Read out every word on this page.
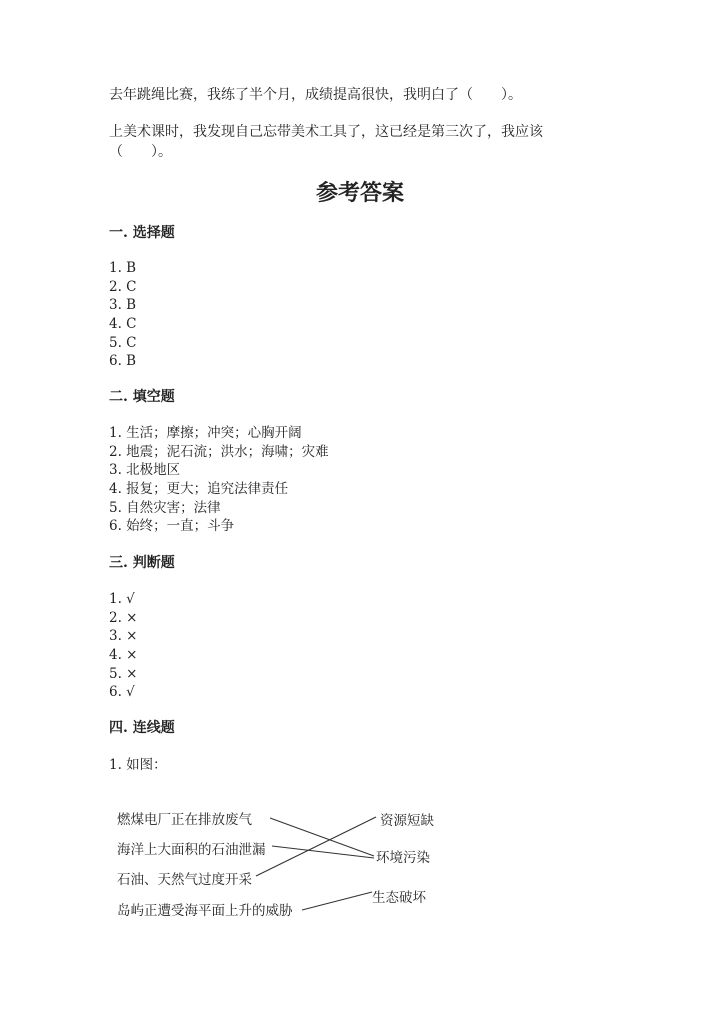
去年跳绳比赛，我练了半个月，成绩提高很快，我明白了（　　）。
上美术课时，我发现自己忘带美术工具了，这已经是第三次了，我应该
（　　）。
参考答案
一. 选择题
1. B
2. C
3. B
4. C
5. C
6. B
二. 填空题
1. 生活；摩擦；冲突；心胸开阔
2. 地震；泥石流；洪水；海啸；灾难
3. 北极地区
4. 报复；更大；追究法律责任
5. 自然灾害；法律
6. 始终；一直；斗争
三. 判断题
1. √
2. ×
3. ×
4. ×
5. ×
6. √
四. 连线题
1. 如图：
燃煤电厂正在排放废气
海洋上大面积的石油泄漏
石油、天然气过度开采
岛屿正遭受海平面上升的威胁
资源短缺
环境污染
生态破坏
